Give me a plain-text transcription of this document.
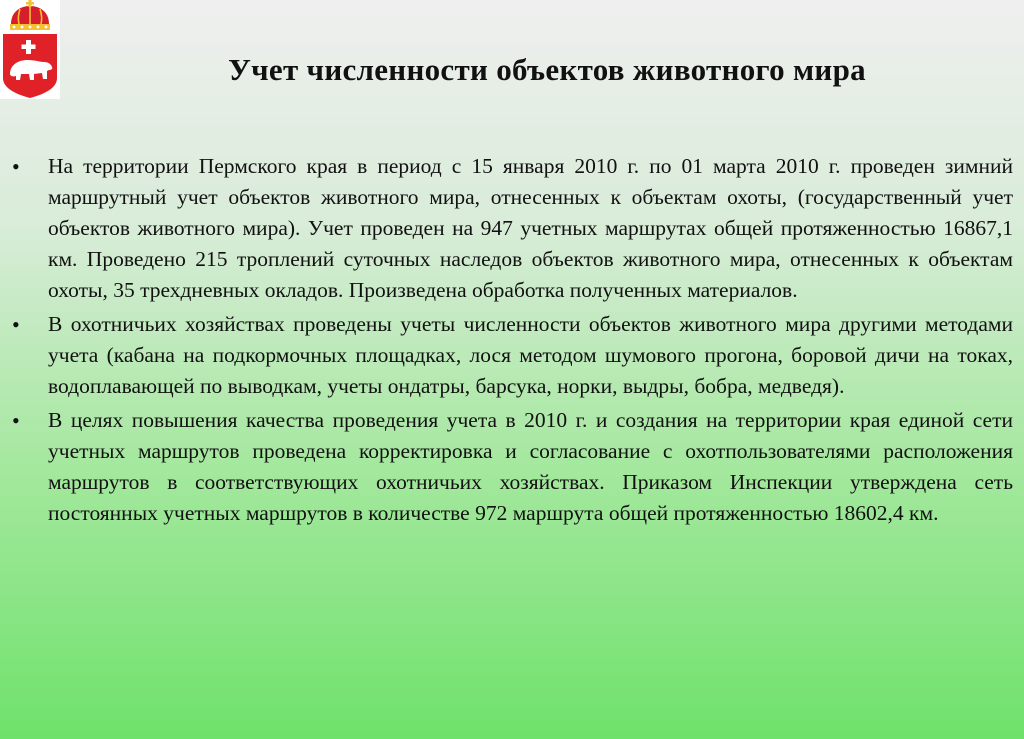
Учет численности объектов животного мира
•	На территории Пермского края в период с 15 января 2010 г. по 01 марта 2010 г. проведен зимний маршрутный учет объектов животного мира, отнесенных к объектам охоты, (государственный учет объектов животного мира). Учет проведен на 947 учетных маршрутах общей протяженностью 16867,1 км. Проведено 215 троплений суточных наследов объектов животного мира, отнесенных к объектам охоты, 35 трехдневных окладов. Произведена обработка полученных материалов.
•	В охотничьих хозяйствах проведены учеты численности объектов животного мира другими методами учета (кабана на подкормочных площадках, лося методом шумового прогона, боровой дичи на токах, водоплавающей по выводкам, учеты ондатры, барсука, норки, выдры, бобра, медведя).
•	В целях повышения качества проведения учета в 2010 г. и создания на территории края единой сети учетных маршрутов проведена корректировка и согласование с охотпользователями расположения маршрутов в соответствующих охотничьих хозяйствах. Приказом Инспекции утверждена сеть постоянных учетных маршрутов в количестве 972 маршрута общей протяженностью 18602,4 км.
